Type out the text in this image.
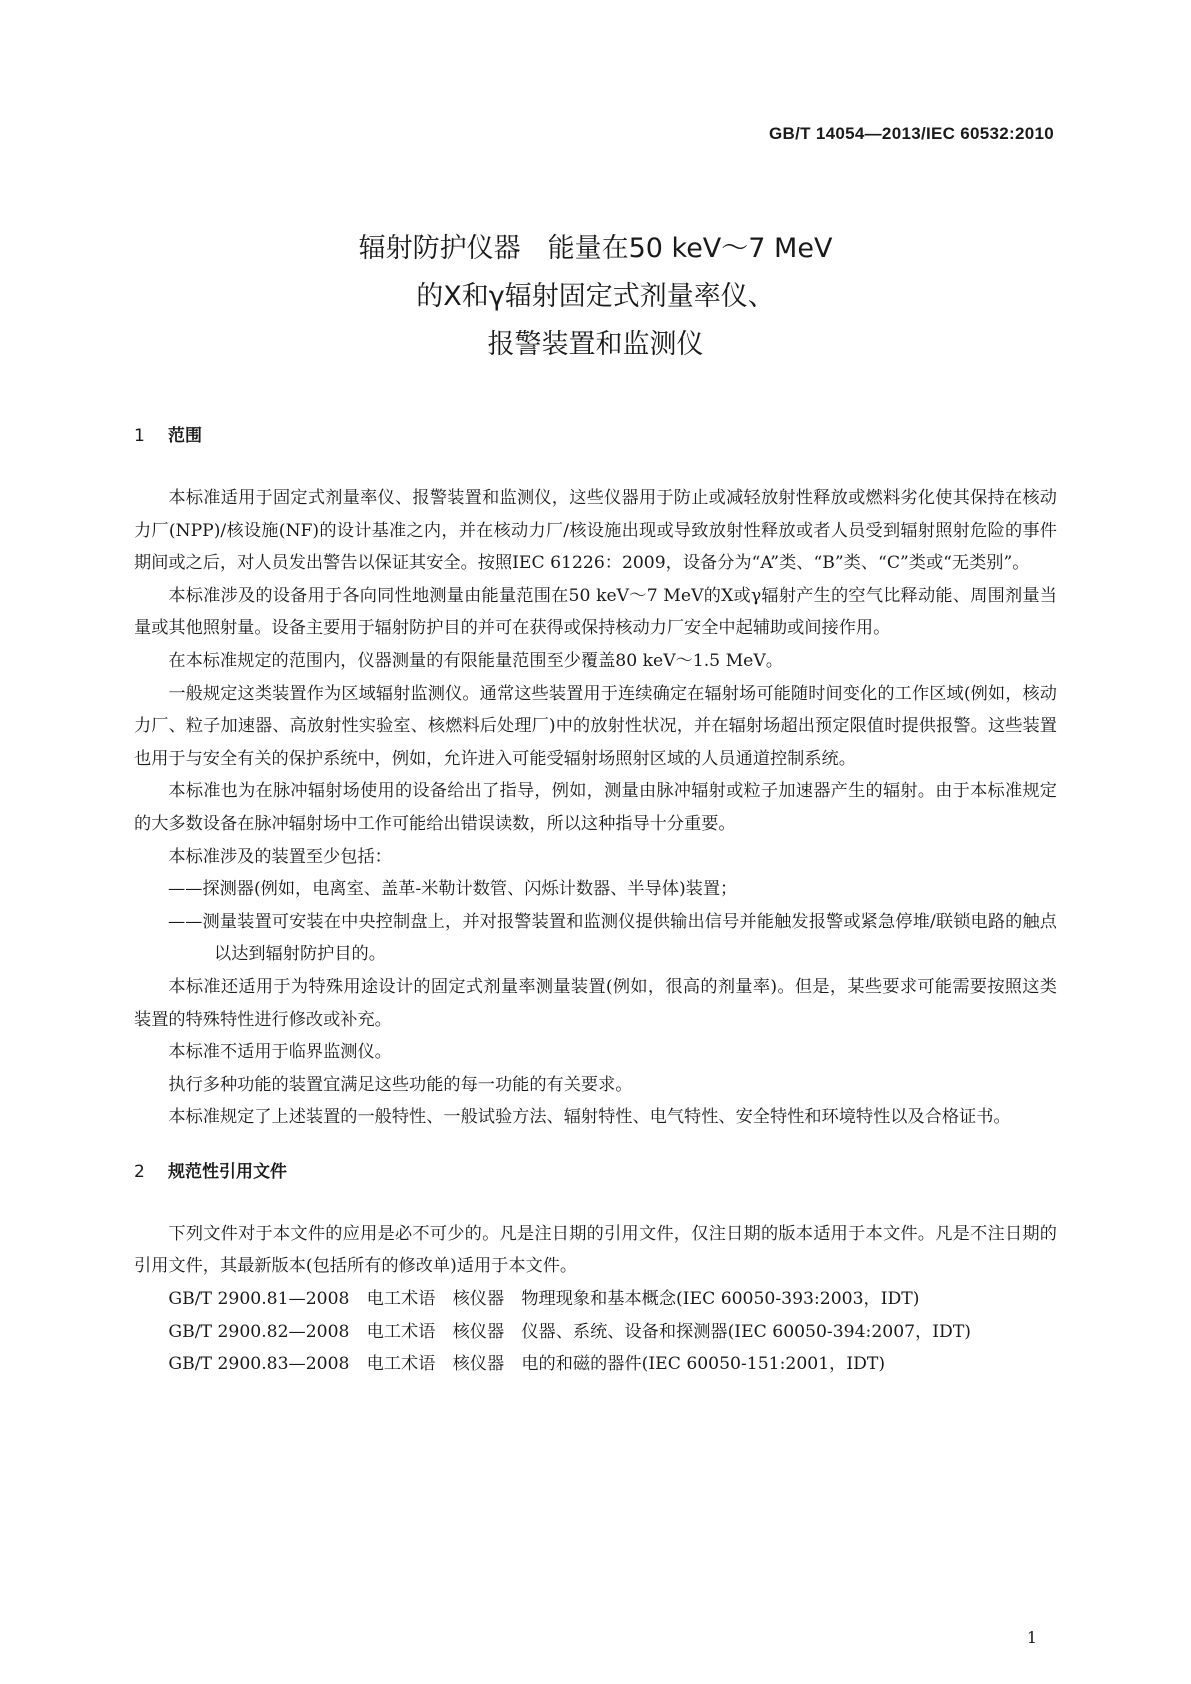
GB/T 14054—2013/IEC 60532:2010
辐射防护仪器　能量在50 keV～7 MeV
的X和γ辐射固定式剂量率仪、
报警装置和监测仪
1 范围

本标准适用于固定式剂量率仪、报警装置和监测仪，这些仪器用于防止或减轻放射性释放或燃料劣化使其保持在核动力厂(NPP)/核设施(NF)的设计基准之内，并在核动力厂/核设施出现或导致放射性释放或者人员受到辐射照射危险的事件期间或之后，对人员发出警告以保证其安全。按照IEC 61226：2009，设备分为“A”类、“B”类、“C”类或“无类别”。

本标准涉及的设备用于各向同性地测量由能量范围在50 keV～7 MeV的X或γ辐射产生的空气比释动能、周围剂量当量或其他照射量。设备主要用于辐射防护目的并可在获得或保持核动力厂安全中起辅助或间接作用。

在本标准规定的范围内，仪器测量的有限能量范围至少覆盖80 keV～1.5 MeV。

一般规定这类装置作为区域辐射监测仪。通常这些装置用于连续确定在辐射场可能随时间变化的工作区域(例如，核动力厂、粒子加速器、高放射性实验室、核燃料后处理厂)中的放射性状况，并在辐射场超出预定限值时提供报警。这些装置也用于与安全有关的保护系统中，例如，允许进入可能受辐射场照射区域的人员通道控制系统。

本标准也为在脉冲辐射场使用的设备给出了指导，例如，测量由脉冲辐射或粒子加速器产生的辐射。由于本标准规定的大多数设备在脉冲辐射场中工作可能给出错误读数，所以这种指导十分重要。

本标准涉及的装置至少包括：

——探测器(例如，电离室、盖革-米勒计数管、闪烁计数器、半导体)装置；

——测量装置可安装在中央控制盘上，并对报警装置和监测仪提供输出信号并能触发报警或紧急停堆/联锁电路的触点以达到辐射防护目的。

本标准还适用于为特殊用途设计的固定式剂量率测量装置(例如，很高的剂量率)。但是，某些要求可能需要按照这类装置的特殊特性进行修改或补充。

本标准不适用于临界监测仪。

执行多种功能的装置宜满足这些功能的每一功能的有关要求。

本标准规定了上述装置的一般特性、一般试验方法、辐射特性、电气特性、安全特性和环境特性以及合格证书。

2 规范性引用文件

下列文件对于本文件的应用是必不可少的。凡是注日期的引用文件，仅注日期的版本适用于本文件。凡是不注日期的引用文件，其最新版本(包括所有的修改单)适用于本文件。

GB/T 2900.81—2008　电工术语　核仪器　物理现象和基本概念(IEC 60050-393:2003，IDT)

GB/T 2900.82—2008　电工术语　核仪器　仪器、系统、设备和探测器(IEC 60050-394:2007，IDT)

GB/T 2900.83—2008　电工术语　核仪器　电的和磁的器件(IEC 60050-151:2001，IDT)

1
